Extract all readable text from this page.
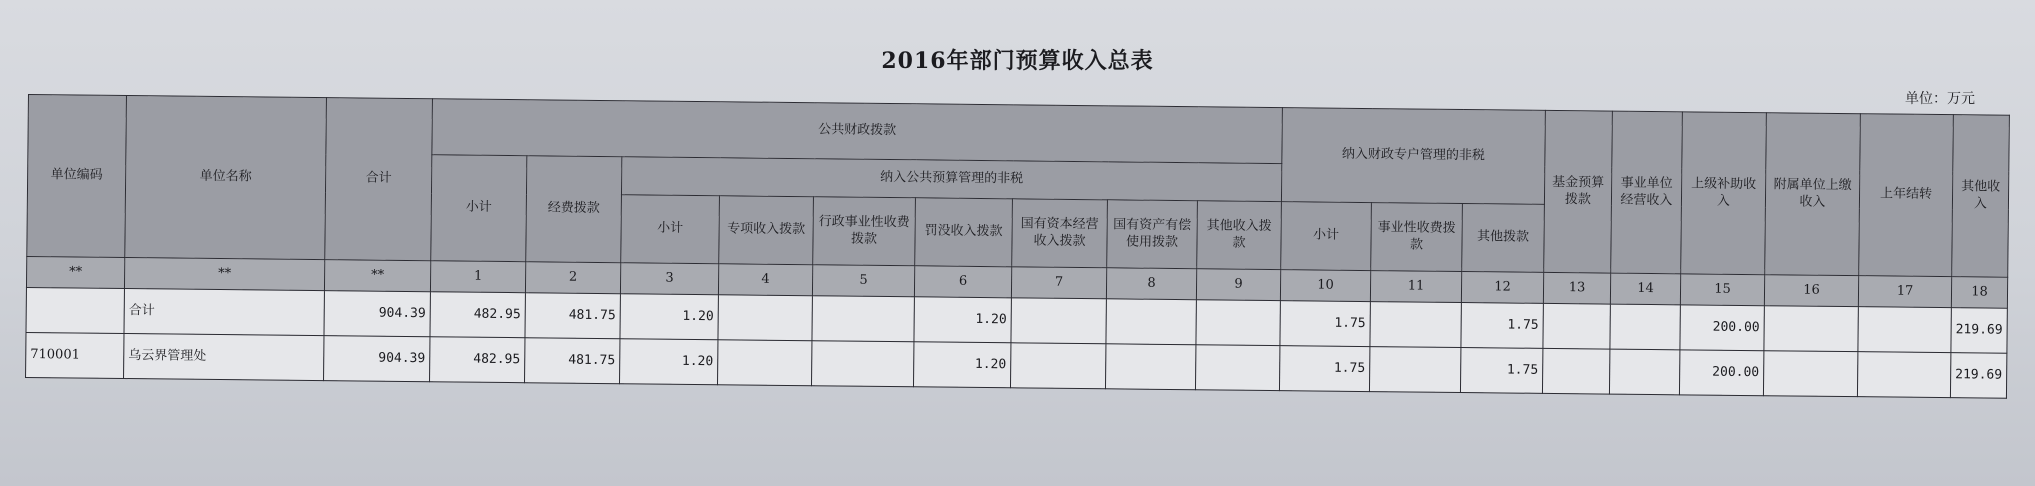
2016年部门预算收入总表
单位：万元
单位编码	单位名称	合计	公共财政拨款									纳入财政专户管理的非税			基金预算拨款	事业单位经营收入	上级补助收入	附属单位上缴收入	上年结转	其他收入
			小计	经费拨款	纳入公共预算管理的非税															
					小计	专项收入拨款	行政事业性收费拨款	罚没收入拨款	国有资本经营收入拨款	国有资产有偿使用拨款	其他收入拨款	小计	事业性收费拨款	其他拨款						
**	**	**	1	2	3	4	5	6	7	8	9	10	11	12	13	14	15	16	17	18
	合计	904.39	482.95	481.75	1.20			1.20				1.75		1.75			200.00			219.69
710001	乌云界管理处	904.39	482.95	481.75	1.20			1.20				1.75		1.75			200.00			219.69
